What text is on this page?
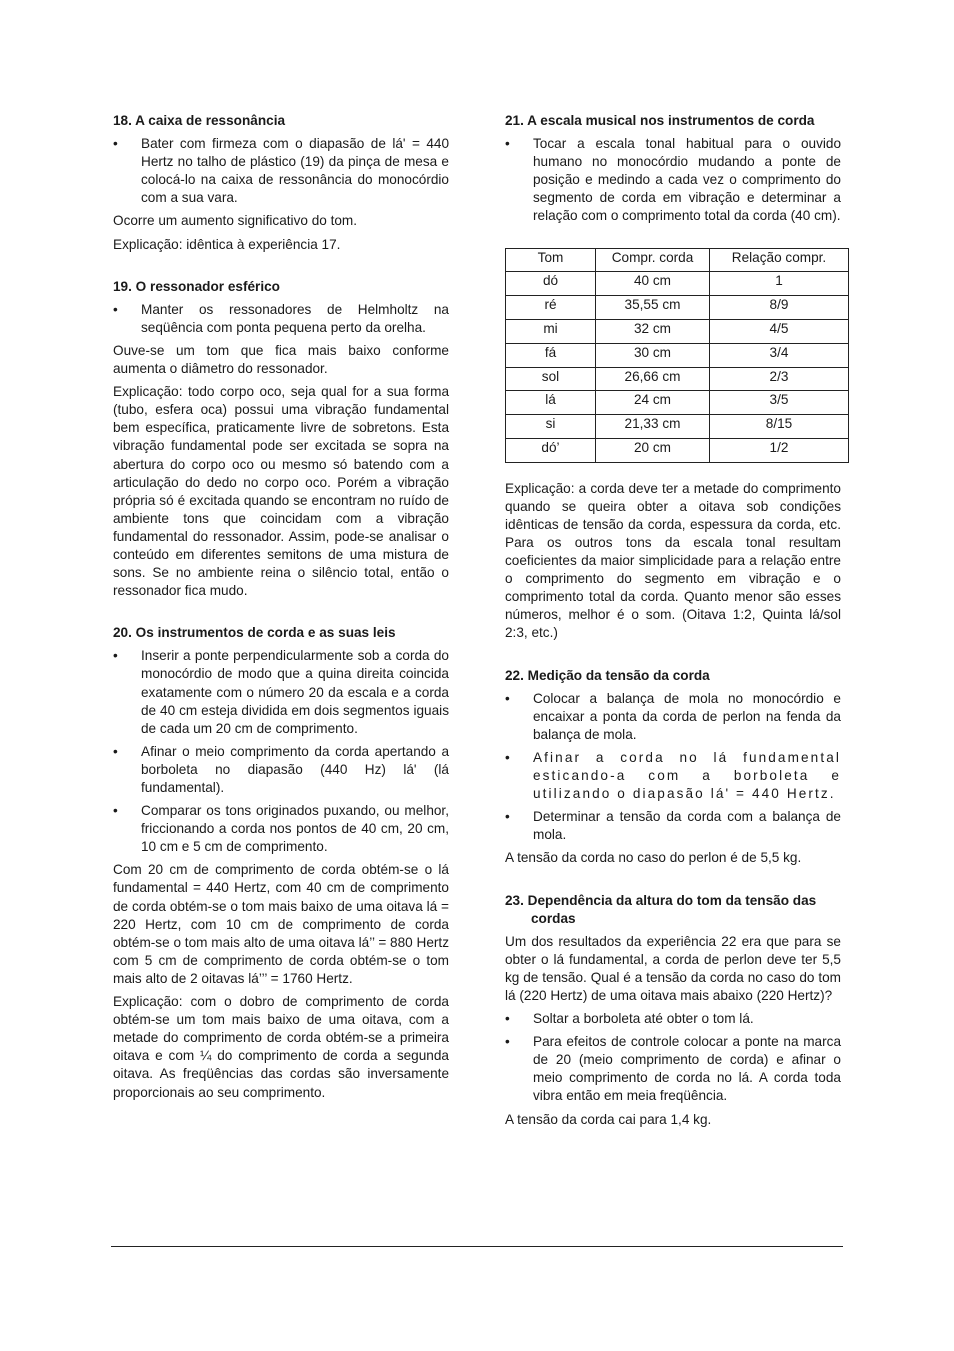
18. A caixa de ressonância
• Bater com firmeza com o diapasão de lá' = 440 Hertz no talho de plástico (19) da pinça de mesa e colocá-lo na caixa de ressonância do monocórdio com a sua vara.

Ocorre um aumento significativo do tom.

Explicação: idêntica à experiência 17.

19. O ressonador esférico
• Manter os ressonadores de Helmholtz na seqüência com ponta pequena perto da orelha.

Ouve-se um tom que fica mais baixo conforme aumenta o diâmetro do ressonador.

Explicação: todo corpo oco, seja qual for a sua forma (tubo, esfera oca) possui uma vibração fundamental bem específica, praticamente livre de sobretons. Esta vibração fundamental pode ser excitada se sopra na abertura do corpo oco ou mesmo só batendo com a articulação do dedo no corpo oco. Porém a vibração própria só é excitada quando se encontram no ruído de ambiente tons que coincidam com a vibração fundamental do ressonador. Assim, pode-se analisar o conteúdo em diferentes semitons de uma mistura de sons. Se no ambiente reina o silêncio total, então o ressonador fica mudo.

20. Os instrumentos de corda e as suas leis
• Inserir a ponte perpendicularmente sob a corda do monocórdio de modo que a quina direita coincida exatamente com o número 20 da escala e a corda de 40 cm esteja dividida em dois segmentos iguais de cada um 20 cm de comprimento.
• Afinar o meio comprimento da corda apertando a borboleta no diapasão (440 Hz) lá' (lá fundamental).
• Comparar os tons originados puxando, ou melhor, friccionando a corda nos pontos de 40 cm, 20 cm, 10 cm e 5 cm de comprimento.

Com 20 cm de comprimento de corda obtém-se o lá fundamental = 440 Hertz, com 40 cm de comprimento de corda obtém-se o tom mais baixo de uma oitava lá = 220 Hertz, com 10 cm de comprimento de corda obtém-se o tom mais alto de uma oitava lá’’ = 880 Hertz com 5 cm de comprimento de corda obtém-se o tom mais alto de 2 oitavas lá’’’ = 1760 Hertz.

Explicação: com o dobro de comprimento de corda obtém-se um tom mais baixo de uma oitava, com a metade do comprimento de corda obtém-se a primeira oitava e com ¼ do comprimento de corda a segunda oitava. As freqüências das cordas são inversamente proporcionais ao seu comprimento.

21. A escala musical nos instrumentos de corda
• Tocar a escala tonal habitual para o ouvido humano no monocórdio mudando a ponte de posição e medindo a cada vez o comprimento do segmento de corda em vibração e determinar a relação com o comprimento total da corda (40 cm).
Tom	Compr. corda	Relação compr.
dó	40 cm	1
ré	35,55 cm	8/9
mi	32 cm	4/5
fá	30 cm	3/4
sol	26,66 cm	2/3
lá	24 cm	3/5
si	21,33 cm	8/15
dó’	20 cm	1/2

Explicação: a corda deve ter a metade do comprimento quando se queira obter a oitava sob condições idênticas de tensão da corda, espessura da corda, etc. Para os outros tons da escala tonal resultam coeficientes da maior simplicidade para a relação entre o comprimento do segmento em vibração e o comprimento total da corda. Quanto menor são esses números, melhor é o som. (Oitava 1:2, Quinta lá/sol 2:3, etc.)

22. Medição da tensão da corda
• Colocar a balança de mola no monocórdio e encaixar a ponta da corda de perlon na fenda da balança de mola.
• Afinar a corda no lá fundamental esticando-a com a borboleta e utilizando o diapasão lá' = 440 Hertz.
• Determinar a tensão da corda com a balança de mola.

A tensão da corda no caso do perlon é de 5,5 kg.

23. Dependência da altura do tom da tensão das cordas

Um dos resultados da experiência 22 era que para se obter o lá fundamental, a corda de perlon deve ter 5,5 kg de tensão. Qual é a tensão da corda no caso do tom lá (220 Hertz) de uma oitava mais abaixo (220 Hertz)?

• Soltar a borboleta até obter o tom lá.
• Para efeitos de controle colocar a ponte na marca de 20 (meio comprimento de corda) e afinar o meio comprimento de corda no lá. A corda toda vibra então em meia freqüência.

A tensão da corda cai para 1,4 kg.
